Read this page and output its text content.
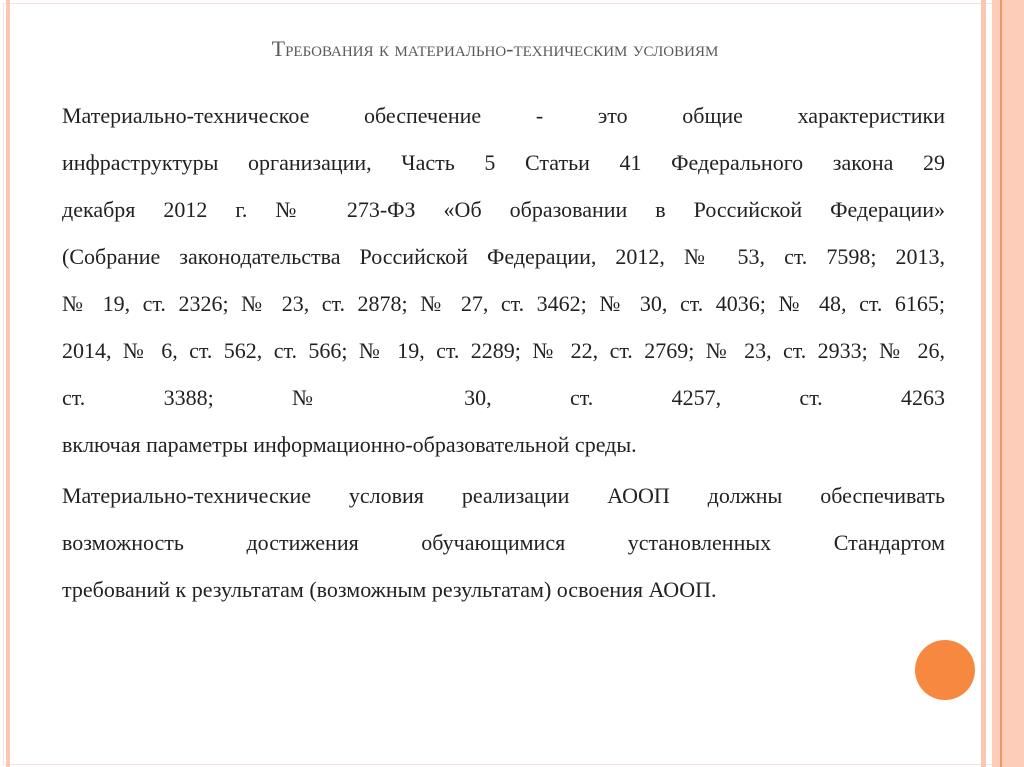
Требования к материально-техническим условиям
Материально-техническое обеспечение - это общие характеристики
инфраструктуры организации, Часть 5 Статьи 41 Федерального закона 29
декабря 2012 г. № 273-ФЗ «Об образовании в Российской Федерации»
(Собрание законодательства Российской Федерации, 2012, № 53, ст. 7598; 2013,
№ 19, ст. 2326; № 23, ст. 2878; № 27, ст. 3462; № 30, ст. 4036; № 48, ст. 6165;
2014, № 6, ст. 562, ст. 566; № 19, ст. 2289; № 22, ст. 2769; № 23, ст. 2933; № 26,
ст. 3388; № 30, ст. 4257, ст. 4263
включая параметры информационно-образовательной среды.
Материально-технические условия реализации АООП должны обеспечивать
возможность достижения обучающимися установленных Стандартом
требований к результатам (возможным результатам) освоения АООП.
